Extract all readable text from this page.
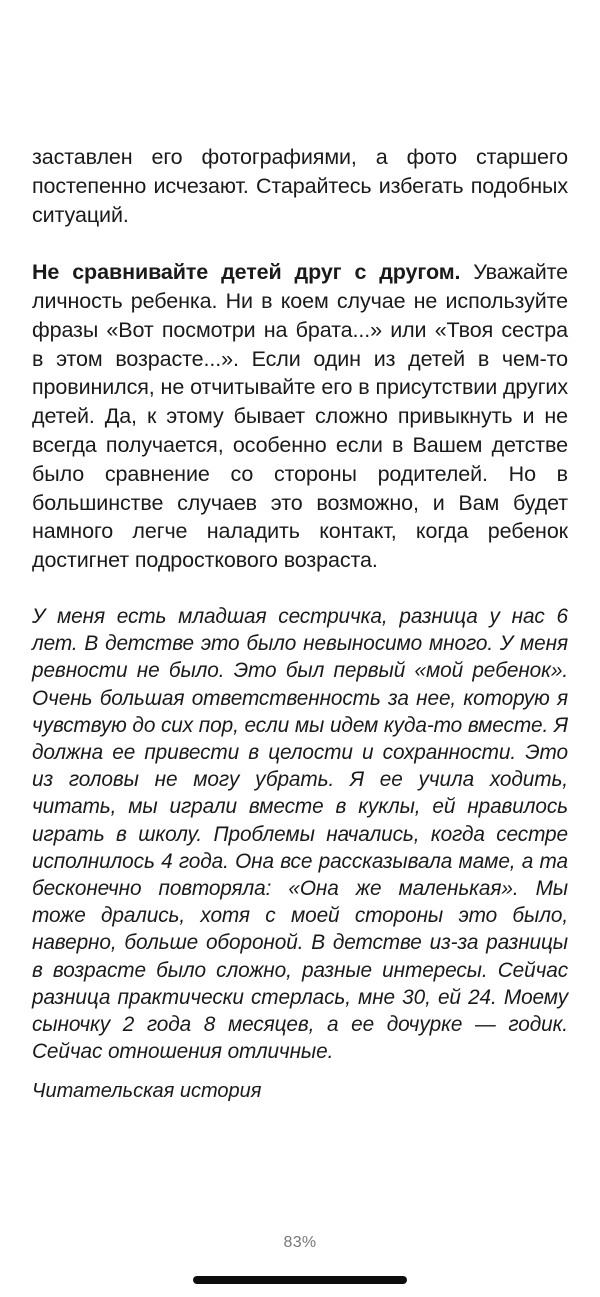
заставлен его фотографиями, а фото старшего постепенно исчезают. Старайтесь избегать подобных ситуаций.

Не сравнивайте детей друг с другом. Уважайте личность ребенка. Ни в коем случае не используйте фразы «Вот посмотри на брата...» или «Твоя сестра в этом возрасте...». Если один из детей в чем-то провинился, не отчитывайте его в присутствии других детей. Да, к этому бывает сложно привыкнуть и не всегда получается, особенно если в Вашем детстве было сравнение со стороны родителей. Но в большинстве случаев это возможно, и Вам будет намного легче наладить контакт, когда ребенок достигнет подросткового возраста.

У меня есть младшая сестричка, разница у нас 6 лет. В детстве это было невыносимо много. У меня ревности не было. Это был первый «мой ребенок». Очень большая ответственность за нее, которую я чувствую до сих пор, если мы идем куда-то вместе. Я должна ее привести в целости и сохранности. Это из головы не могу убрать. Я ее учила ходить, читать, мы играли вместе в куклы, ей нравилось играть в школу. Проблемы начались, когда сестре исполнилось 4 года. Она все рассказывала маме, а та бесконечно повторяла: «Она же маленькая». Мы тоже дрались, хотя с моей стороны это было, наверно, больше обороной. В детстве из-за разницы в возрасте было сложно, разные интересы. Сейчас разница практически стерлась, мне 30, ей 24. Моему сыночку 2 года 8 месяцев, а ее дочурке — годик. Сейчас отношения отличные.

Читательская история

83%
